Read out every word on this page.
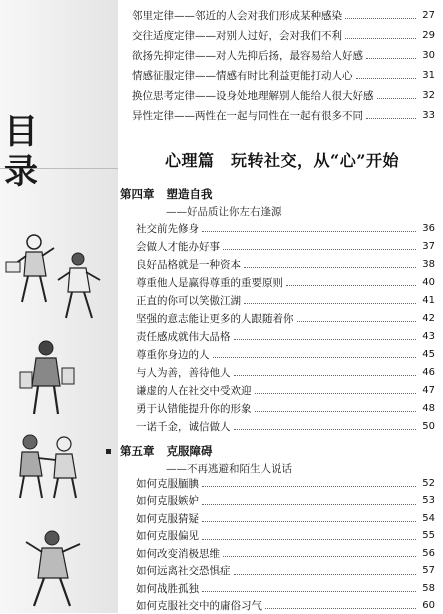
目
录
邻里定律——邻近的人会对我们形成某种感染	27
交往适度定律——对别人过好，会对我们不利	29
欲扬先抑定律——对人先抑后扬，最容易给人好感	30
情感征服定律——情感有时比利益更能打动人心	31
换位思考定律——设身处地理解别人能给人很大好感	32
异性定律——两性在一起与同性在一起有很多不同	33
心理篇　玩转社交，从“心”开始
第四章 塑造自我
——好品质让你左右逢源
社交前先修身	36
会做人才能办好事	37
良好品格就是一种资本	38
尊重他人是赢得尊重的重要原则	40
正直的你可以笑傲江湖	41
坚强的意志能让更多的人跟随着你	42
责任感成就伟大品格	43
尊重你身边的人	45
与人为善，善待他人	46
谦虚的人在社交中受欢迎	47
勇于认错能提升你的形象	48
一诺千金，诚信做人	50
第五章 克服障碍
——不再逃避和陌生人说话
如何克服腼腆	52
如何克服嫉妒	53
如何克服猜疑	54
如何克服偏见	55
如何改变消极思维	56
如何远离社交恐惧症	57
如何战胜孤独	58
如何克服社交中的庸俗习气	60
